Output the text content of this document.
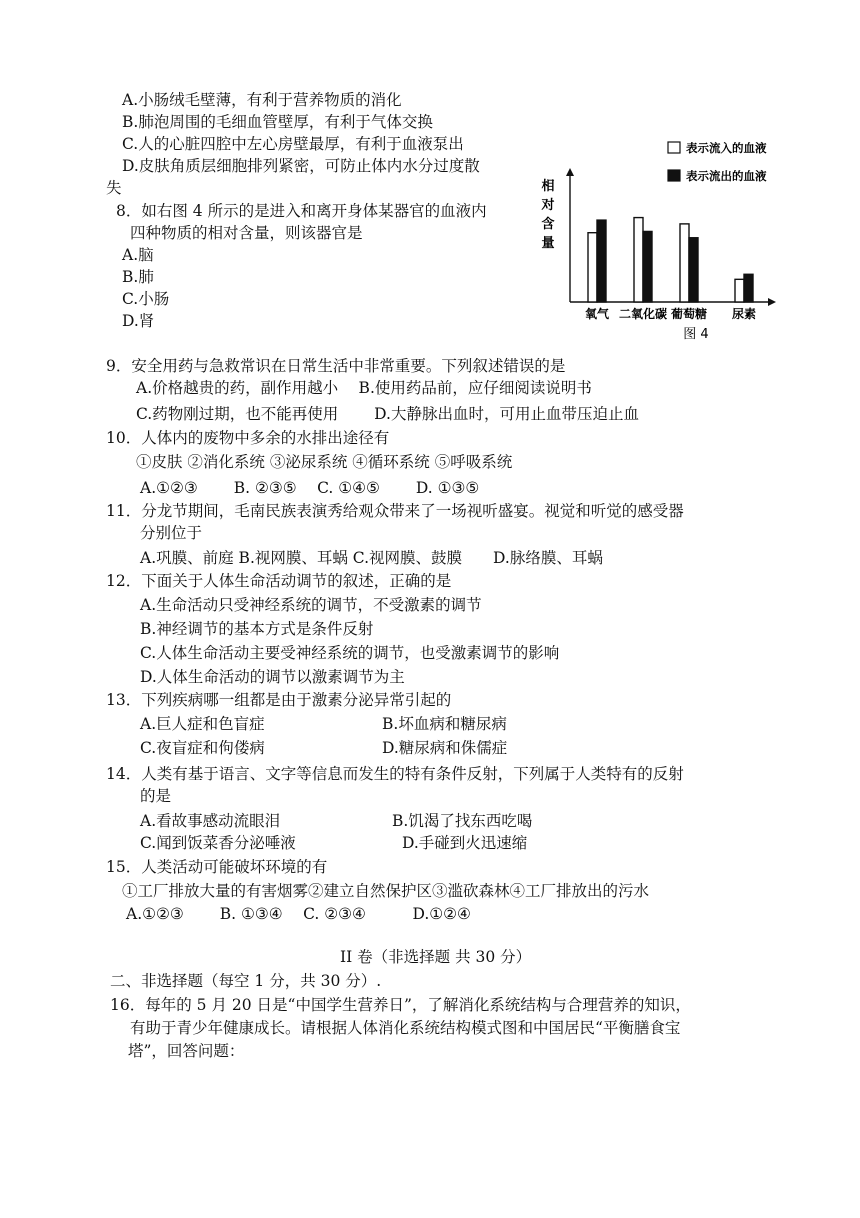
A.小肠绒毛壁薄，有利于营养物质的消化
B.肺泡周围的毛细血管壁厚，有利于气体交换
C.人的心脏四腔中左心房壁最厚，有利于血液泵出
D.皮肤角质层细胞排列紧密，可防止体内水分过度散
失
8．如右图 4 所示的是进入和离开身体某器官的血液内
四种物质的相对含量，则该器官是
A.脑
B.肺
C.小肠
D.肾
9．安全用药与急救常识在日常生活中非常重要。下列叙述错误的是
A.价格越贵的药，副作用越小　 B.使用药品前，应仔细阅读说明书
C.药物刚过期，也不能再使用　　 D.大静脉出血时，可用止血带压迫止血
10．人体内的废物中多余的水排出途径有
①皮肤 ②消化系统 ③泌尿系统 ④循环系统 ⑤呼吸系统
A.①②③　　 B. ②③⑤　 C. ①④⑤　　 D. ①③⑤
11．分龙节期间，毛南民族表演秀给观众带来了一场视听盛宴。视觉和听觉的感受器
分别位于
A.巩膜、前庭 B.视网膜、耳蜗 C.视网膜、鼓膜　　D.脉络膜、耳蜗
12．下面关于人体生命活动调节的叙述，正确的是
A.生命活动只受神经系统的调节，不受激素的调节
B.神经调节的基本方式是条件反射
C.人体生命活动主要受神经系统的调节，也受激素调节的影响
D.人体生命活动的调节以激素调节为主
13．下列疾病哪一组都是由于激素分泌异常引起的
A.巨人症和色盲症	B.坏血病和糖尿病
C.夜盲症和佝偻病	D.糖尿病和侏儒症
14．人类有基于语言、文字等信息而发生的特有条件反射，下列属于人类特有的反射
的是
A.看故事感动流眼泪	B.饥渴了找东西吃喝
C.闻到饭菜香分泌唾液	D.手碰到火迅速缩
15．人类活动可能破坏环境的有
①工厂排放大量的有害烟雾②建立自然保护区③滥砍森林④工厂排放出的污水
A.①②③　　 B. ①③④　 C. ②③④　　　D.①②④
II 卷（非选择题 共 30 分）
二、非选择题（每空 1 分，共 30 分）.
16．每年的 5 月 20 日是“中国学生营养日”，了解消化系统结构与合理营养的知识，
有助于青少年健康成长。请根据人体消化系统结构模式图和中国居民“平衡膳食宝
塔”，回答问题：
表示流入的血液
表示流出的血液
相
对
含
量
氧气 二氧化碳 葡萄糖 尿素
图 4
